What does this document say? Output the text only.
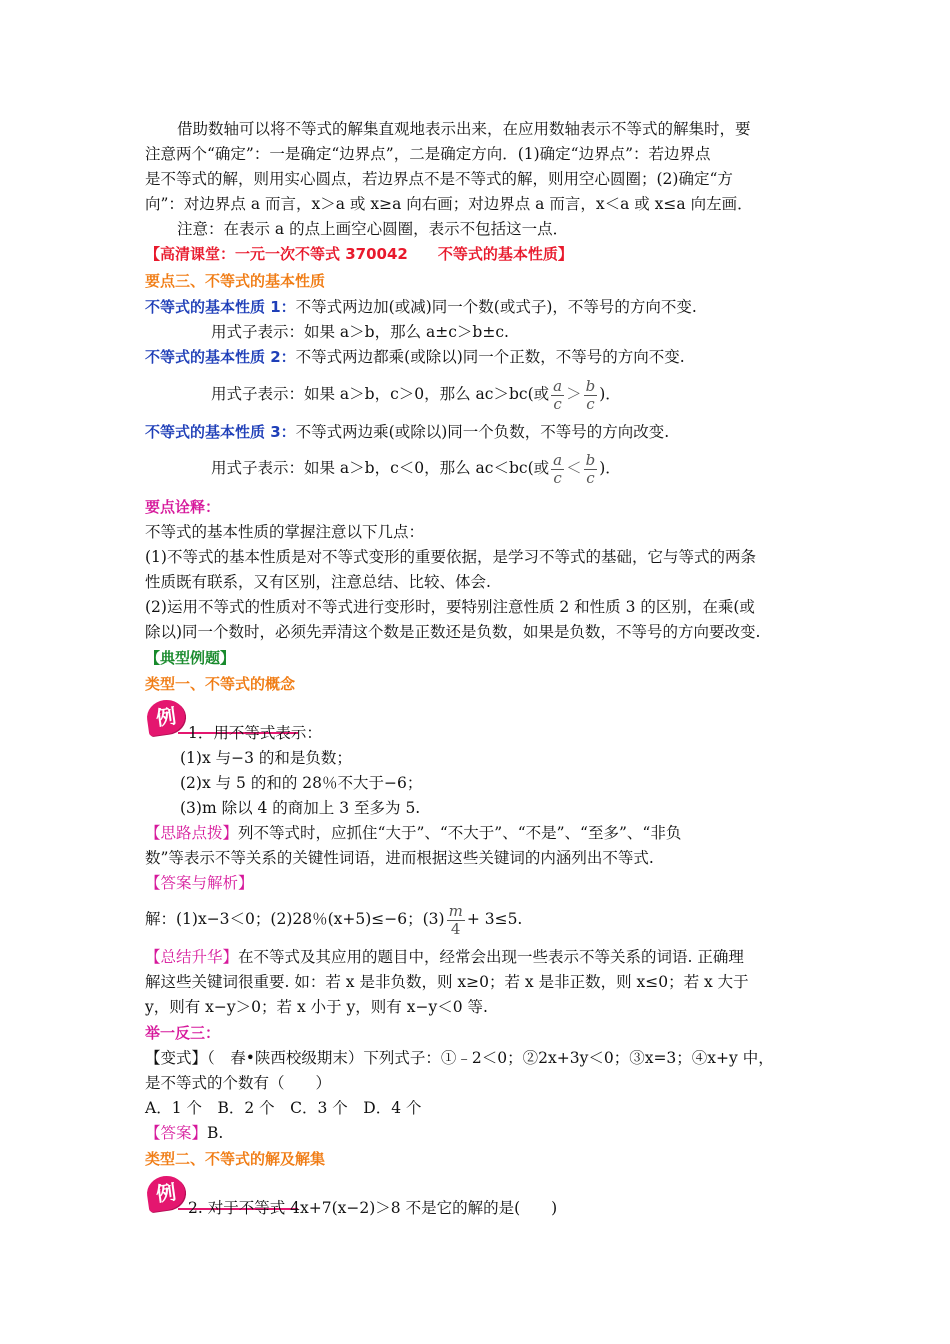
借助数轴可以将不等式的解集直观地表示出来，在应用数轴表示不等式的解集时，要
注意两个“确定”：一是确定“边界点”，二是确定方向．(1)确定“边界点”：若边界点
是不等式的解，则用实心圆点，若边界点不是不等式的解，则用空心圆圈；(2)确定“方
向”：对边界点 a 而言，x＞a 或 x≥a 向右画；对边界点 a 而言，x＜a 或 x≤a 向左画．
注意：在表示 a 的点上画空心圆圈，表示不包括这一点．
【高清课堂：一元一次不等式 370042　　不等式的基本性质】
要点三、不等式的基本性质
不等式的基本性质 1：不等式两边加(或减)同一个数(或式子)，不等号的方向不变.
用式子表示：如果 a＞b，那么 a±c＞b±c.
不等式的基本性质 2：不等式两边都乘(或除以)同一个正数，不等号的方向不变.
用式子表示：如果 a＞b，c＞0，那么 ac＞bc(或 $\frac{a}{c} > \frac{b}{c}$ )．
不等式的基本性质 3：不等式两边乘(或除以)同一个负数，不等号的方向改变.
用式子表示：如果 a＞b，c＜0，那么 ac＜bc(或 $\frac{a}{c} < \frac{b}{c}$ )．
要点诠释：
不等式的基本性质的掌握注意以下几点：
(1)不等式的基本性质是对不等式变形的重要依据，是学习不等式的基础，它与等式的两条
性质既有联系，又有区别，注意总结、比较、体会.
(2)运用不等式的性质对不等式进行变形时，要特别注意性质 2 和性质 3 的区别，在乘(或
除以)同一个数时，必须先弄清这个数是正数还是负数，如果是负数，不等号的方向要改变.
【典型例题】
类型一、不等式的概念
例
1．用不等式表示：
(1)x 与−3 的和是负数；
(2)x 与 5 的和的 28％不大于−6；
(3)m 除以 4 的商加上 3 至多为 5.
【思路点拨】列不等式时，应抓住“大于”、“不大于”、“不是”、“至多”、“非负
数”等表示不等关系的关键性词语，进而根据这些关键词的内涵列出不等式.
【答案与解析】
解：(1)x−3＜0；(2)28％(x+5)≤−6；$(3) \frac{m}{4} + 3\le 5$.
【总结升华】在不等式及其应用的题目中，经常会出现一些表示不等关系的词语. 正确理
解这些关键词很重要. 如：若 x 是非负数，则 x≥0；若 x 是非正数，则 x≤0；若 x 大于
y，则有 x−y＞0；若 x 小于 y，则有 x−y＜0 等.
举一反三：
【变式】（　春•陕西校级期末）下列式子：①﹣2＜0；②2x+3y＜0；③x=3；④x+y 中，
是不等式的个数有（　　）
A．1 个　B．2 个　C．3 个　D．4 个
【答案】B.
类型二、不等式的解及解集
例
2. 对于不等式 4x+7(x−2)＞8 不是它的解的是(　　)
